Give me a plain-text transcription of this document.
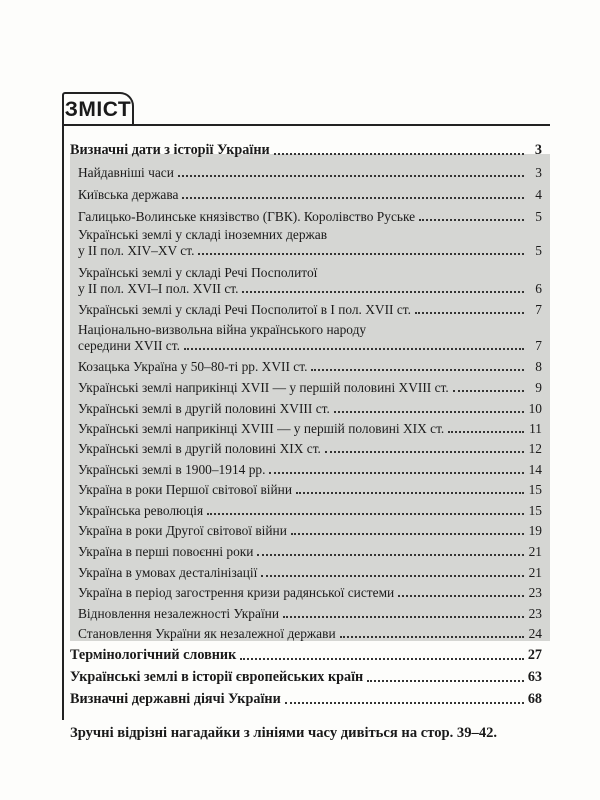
ЗМІСТ
Визначні дати з історії України	3
Найдавніші часи	3
Київська держава	4
Галицько-Волинське князівство (ГВК). Королівство Руське	5
Українські землі у складі іноземних держав
у II пол. XIV–XV ст.	5
Українські землі у складі Речі Посполитої
у II пол. XVI–I пол. XVII ст.	6
Українські землі у складі Речі Посполитої в I пол. XVII ст.	7
Національно-визвольна війна українського народу
середини XVII ст.	7
Козацька Україна у 50–80-ті рр. XVII ст.	8
Українські землі наприкінці XVII — у першій половині XVIII ст.	9
Українські землі в другій половині XVIII ст.	10
Українські землі наприкінці XVIII — у першій половині XIX ст.	11
Українські землі в другій половині XIX ст.	12
Українські землі в 1900–1914 рр.	14
Україна в роки Першої світової війни	15
Українська революція	15
Україна в роки Другої світової війни	19
Україна в перші повоєнні роки	21
Україна в умовах десталінізації	21
Україна в період загострення кризи радянської системи	23
Відновлення незалежності України	23
Становлення України як незалежної держави	24
Термінологічний словник	27
Українські землі в історії європейських країн	63
Визначні державні діячі України	68
Зручні відрізні нагадайки з лініями часу дивіться на стор. 39–42.
